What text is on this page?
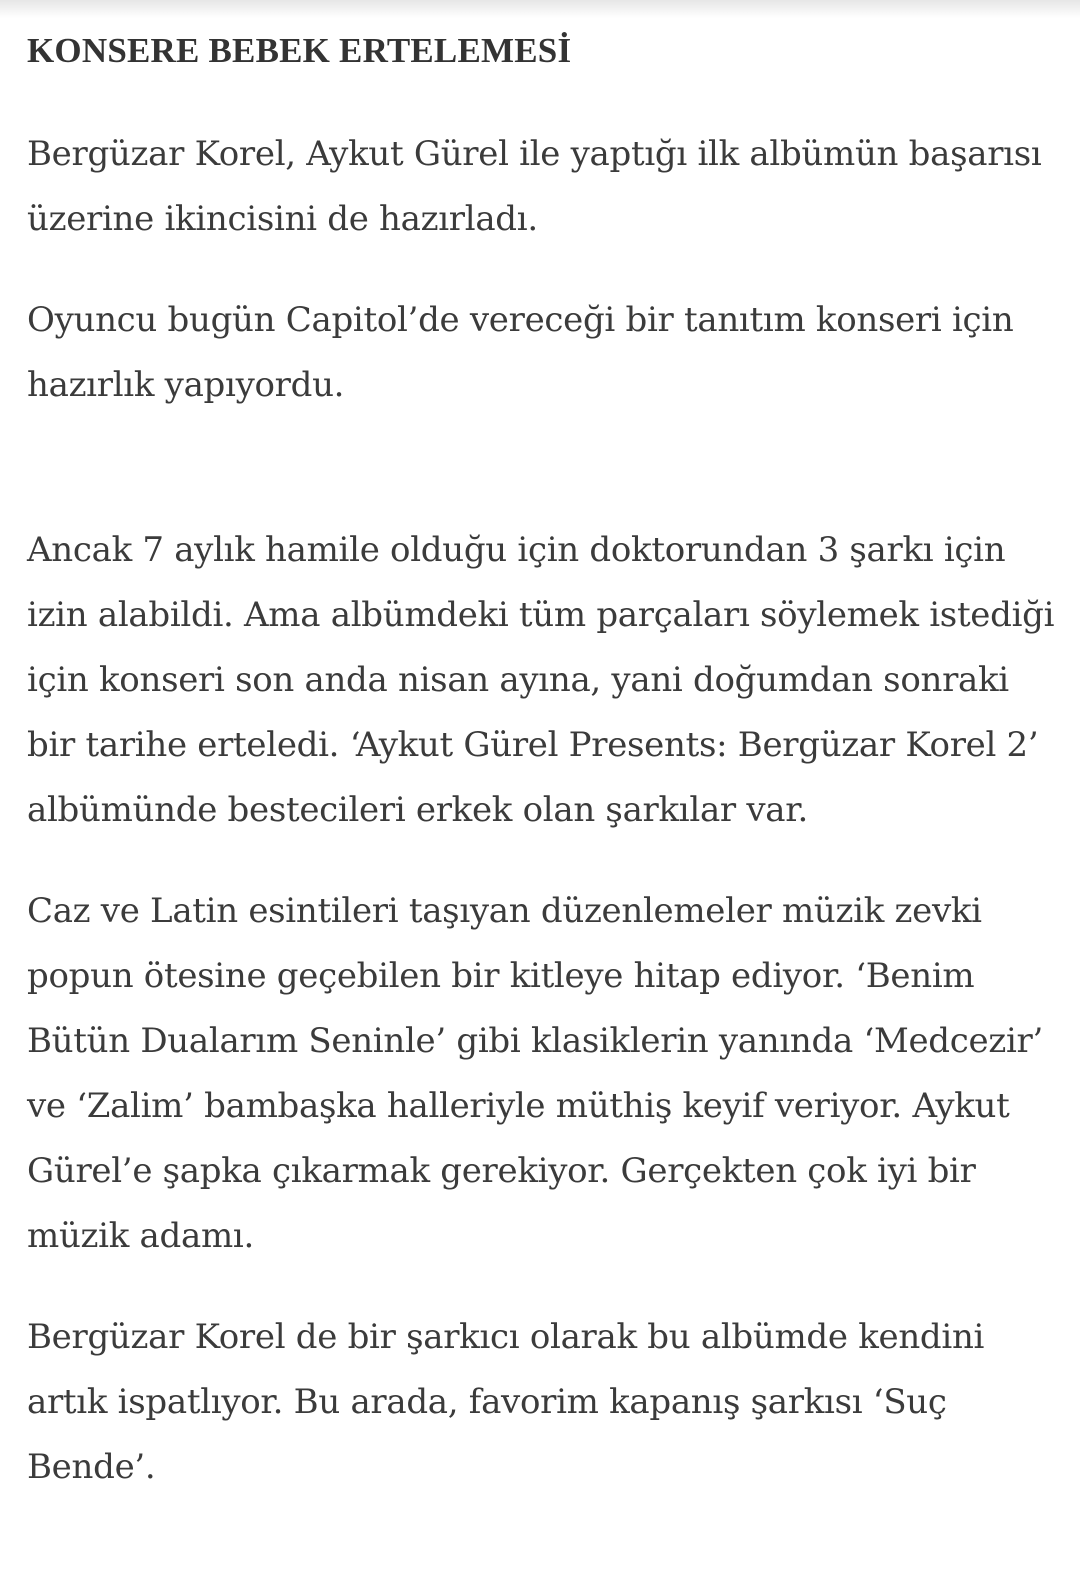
KONSERE BEBEK ERTELEMESİ

Bergüzar Korel, Aykut Gürel ile yaptığı ilk albümün başarısı üzerine ikincisini de hazırladı.

Oyuncu bugün Capitol’de vereceği bir tanıtım konseri için hazırlık yapıyordu.

Ancak 7 aylık hamile olduğu için doktorundan 3 şarkı için izin alabildi. Ama albümdeki tüm parçaları söylemek istediği için konseri son anda nisan ayına, yani doğumdan sonraki bir tarihe erteledi. ‘Aykut Gürel Presents: Bergüzar Korel 2’ albümünde bestecileri erkek olan şarkılar var.

Caz ve Latin esintileri taşıyan düzenlemeler müzik zevki popun ötesine geçebilen bir kitleye hitap ediyor. ‘Benim Bütün Dualarım Seninle’ gibi klasiklerin yanında ‘Medcezir’ ve ‘Zalim’ bambaşka halleriyle müthiş keyif veriyor. Aykut Gürel’e şapka çıkarmak gerekiyor. Gerçekten çok iyi bir müzik adamı.

Bergüzar Korel de bir şarkıcı olarak bu albümde kendini artık ispatlıyor. Bu arada, favorim kapanış şarkısı ‘Suç Bende’.
